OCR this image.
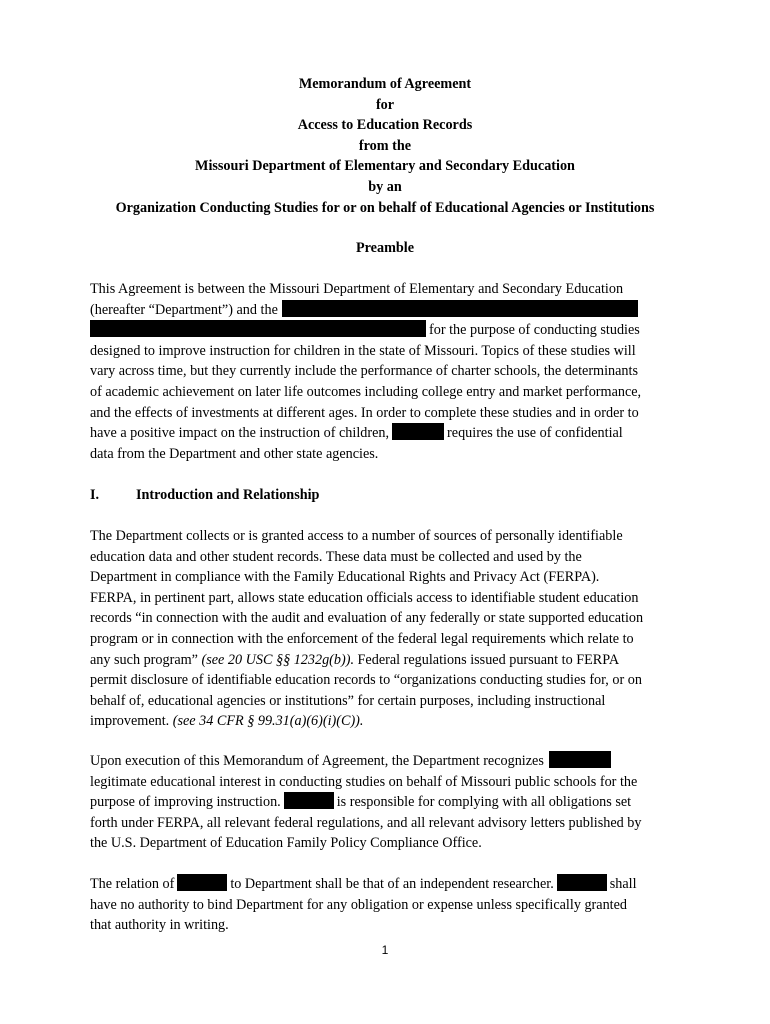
Memorandum of Agreement
for
Access to Education Records
from the
Missouri Department of Elementary and Secondary Education
by an
Organization Conducting Studies for or on behalf of Educational Agencies or Institutions
Preamble
This Agreement is between the Missouri Department of Elementary and Secondary Education
(hereafter “Department”) and the
for the purpose of conducting studies
designed to improve instruction for children in the state of Missouri. Topics of these studies will
vary across time, but they currently include the performance of charter schools, the determinants
of academic achievement on later life outcomes including college entry and market performance,
and the effects of investments at different ages. In order to complete these studies and in order to
have a positive impact on the instruction of children,	requires the use of confidential
data from the Department and other state agencies.
I.	Introduction and Relationship
The Department collects or is granted access to a number of sources of personally identifiable
education data and other student records. These data must be collected and used by the
Department in compliance with the Family Educational Rights and Privacy Act (FERPA).
FERPA, in pertinent part, allows state education officials access to identifiable student education
records “in connection with the audit and evaluation of any federally or state supported education
program or in connection with the enforcement of the federal legal requirements which relate to
any such program” (see 20 USC §§ 1232g(b)). Federal regulations issued pursuant to FERPA
permit disclosure of identifiable education records to “organizations conducting studies for, or on
behalf of, educational agencies or institutions” for certain purposes, including instructional
improvement. (see 34 CFR § 99.31(a)(6)(i)(C)).
Upon execution of this Memorandum of Agreement, the Department recognizes
legitimate educational interest in conducting studies on behalf of Missouri public schools for the
purpose of improving instruction.	is responsible for complying with all obligations set
forth under FERPA, all relevant federal regulations, and all relevant advisory letters published by
the U.S. Department of Education Family Policy Compliance Office.
The relation of	to Department shall be that of an independent researcher.	shall
have no authority to bind Department for any obligation or expense unless specifically granted
that authority in writing.
1
